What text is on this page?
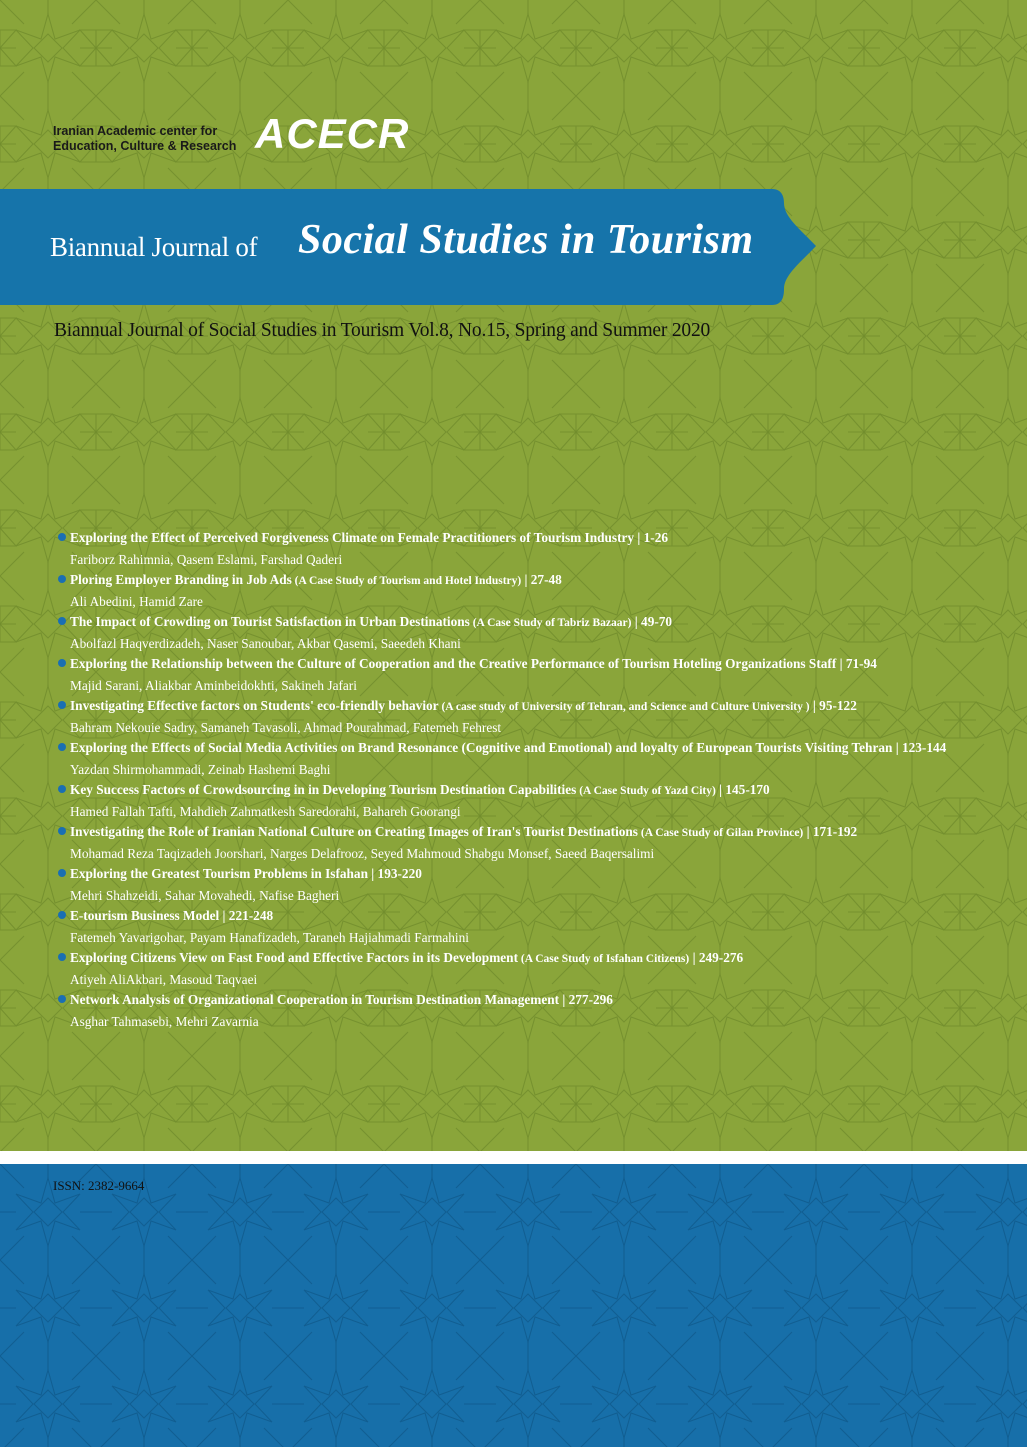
Iranian Academic center for
Education, Culture & Research ACECR
Biannual Journal of Social Studies in Tourism
Biannual Journal of Social Studies in Tourism Vol.8, No.15, Spring and Summer 2020
Exploring the Effect of Perceived Forgiveness Climate on Female Practitioners of Tourism Industry | 1-26
Fariborz Rahimnia, Qasem Eslami, Farshad Qaderi
Ploring Employer Branding in Job Ads (A Case Study of Tourism and Hotel Industry) | 27-48
Ali Abedini, Hamid Zare
The Impact of Crowding on Tourist Satisfaction in Urban Destinations (A Case Study of Tabriz Bazaar) | 49-70
Abolfazl Haqverdizadeh, Naser Sanoubar, Akbar Qasemi, Saeedeh Khani
Exploring the Relationship between the Culture of Cooperation and the Creative Performance of Tourism Hoteling Organizations Staff | 71-94
Majid Sarani, Aliakbar Aminbeidokhti, Sakineh Jafari
Investigating Effective factors on Students' eco-friendly behavior (A case study of University of Tehran, and Science and Culture University ) | 95-122
Bahram Nekouie Sadry, Samaneh Tavasoli, Ahmad Pourahmad, Fatemeh Fehrest
Exploring the Effects of Social Media Activities on Brand Resonance (Cognitive and Emotional) and loyalty of European Tourists Visiting Tehran | 123-144
Yazdan Shirmohammadi, Zeinab Hashemi Baghi
Key Success Factors of Crowdsourcing in in Developing Tourism Destination Capabilities (A Case Study of Yazd City) | 145-170
Hamed Fallah Tafti, Mahdieh Zahmatkesh Saredorahi, Bahareh Goorangi
Investigating the Role of Iranian National Culture on Creating Images of Iran's Tourist Destinations (A Case Study of Gilan Province) | 171-192
Mohamad Reza Taqizadeh Joorshari, Narges Delafrooz, Seyed Mahmoud Shabgu Monsef, Saeed Baqersalimi
Exploring the Greatest Tourism Problems in Isfahan | 193-220
Mehri Shahzeidi, Sahar Movahedi, Nafise Bagheri
E-tourism Business Model | 221-248
Fatemeh Yavarigohar, Payam Hanafizadeh, Taraneh Hajiahmadi Farmahini
Exploring Citizens View on Fast Food and Effective Factors in its Development (A Case Study of Isfahan Citizens) | 249-276
Atiyeh AliAkbari, Masoud Taqvaei
Network Analysis of Organizational Cooperation in Tourism Destination Management | 277-296
Asghar Tahmasebi, Mehri Zavarnia
ISSN: 2382-9664
